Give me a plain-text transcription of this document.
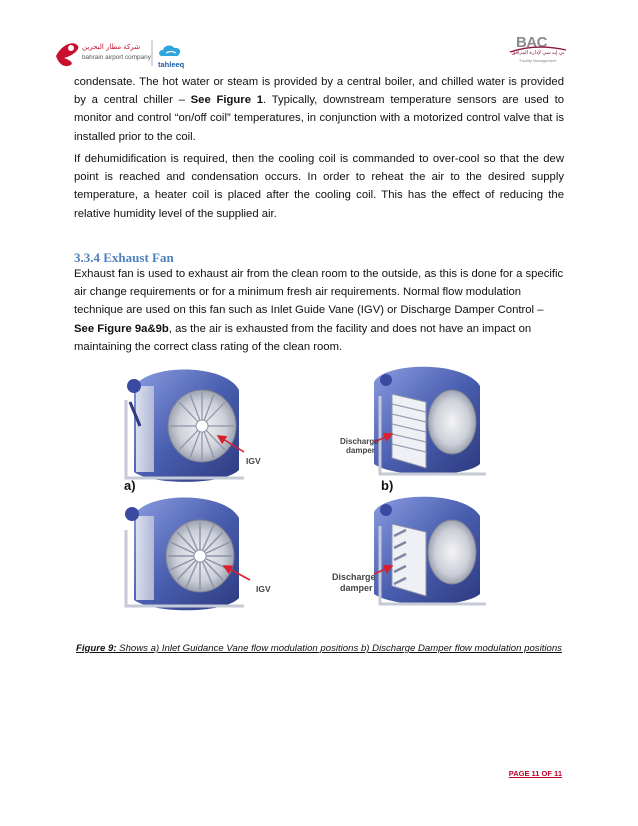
شركة مطار البحرين
bahrain airport company
tahleeq
BAC
بي إيه سي لإدارة المرافق
Facility Management

condensate. The hot water or steam is provided by a central boiler, and chilled water is provided by a central chiller – See Figure 1. Typically, downstream temperature sensors are used to monitor and control “on/off coil” temperatures, in conjunction with a motorized control valve that is installed prior to the coil.

If dehumidification is required, then the cooling coil is commanded to over-cool so that the dew point is reached and condensation occurs. In order to reheat the air to the desired supply temperature, a heater coil is placed after the cooling coil. This has the effect of reducing the relative humidity level of the supplied air.

3.3.4 Exhaust Fan

Exhaust fan is used to exhaust air from the clean room to the outside, as this is done for a specific air change requirements or for a minimum fresh air requirements. Normal flow modulation technique are used on this fan such as Inlet Guide Vane (IGV) or Discharge Damper Control – See Figure 9a&9b, as the air is exhausted from the facility and does not have an impact on maintaining the correct class rating of the clean room.

IGV
Discharge
damper
a)	b)
IGV
Discharge
damper
Figure 9: Shows a) Inlet Guidance Vane flow modulation positions b) Discharge Damper flow modulation positions
PAGE 11 OF 11
